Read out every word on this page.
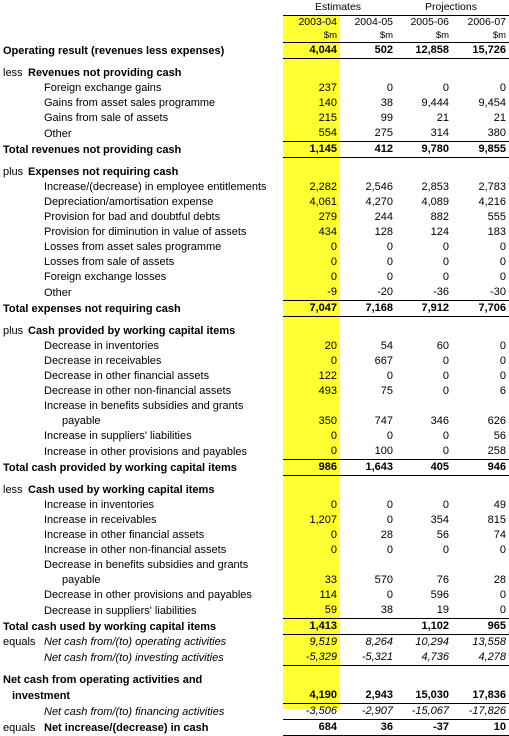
	Estimates		Projections	
	2003-04	2004-05	2005-06	2006-07
	$m	$m	$m	$m
Operating result (revenues less expenses)	4,044	502	12,858	15,726

less Revenues not providing cash				
Foreign exchange gains	237	0	0	0
Gains from asset sales programme	140	38	9,444	9,454
Gains from sale of assets	215	99	21	21
Other	554	275	314	380
Total revenues not providing cash	1,145	412	9,780	9,855

plus Expenses not requiring cash				
Increase/(decrease) in employee entitlements	2,282	2,546	2,853	2,783
Depreciation/amortisation expense	4,061	4,270	4,089	4,216
Provision for bad and doubtful debts	279	244	882	555
Provision for diminution in value of assets	434	128	124	183
Losses from asset sales programme	0	0	0	0
Losses from sale of assets	0	0	0	0
Foreign exchange losses	0	0	0	0
Other	-9	-20	-36	-30
Total expenses not requiring cash	7,047	7,168	7,912	7,706

plus Cash provided by working capital items				
Decrease in inventories	20	54	60	0
Decrease in receivables	0	667	0	0
Decrease in other financial assets	122	0	0	0
Decrease in other non-financial assets	493	75	0	6
Increase in benefits subsidies and grants				
payable	350	747	346	626
Increase in suppliers' liabilities	0	0	0	56
Increase in other provisions and payables	0	100	0	258
Total cash provided by working capital items	986	1,643	405	946

less Cash used by working capital items				
Increase in inventories	0	0	0	49
Increase in receivables	1,207	0	354	815
Increase in other financial assets	0	28	56	74
Increase in other non-financial assets	0	0	0	0
Decrease in benefits subsidies and grants				
payable	33	570	76	28
Decrease in other provisions and payables	114	0	596	0
Decrease in suppliers' liabilities	59	38	19	0
Total cash used by working capital items	1,413		1,102	965
equals Net cash from/(to) operating activities	9,519	8,264	10,294	13,558
Net cash from/(to) investing activities	-5,329	-5,321	4,736	4,278

Net cash from operating activities and				
investment	4,190	2,943	15,030	17,836
Net cash from/(to) financing activities	-3,506	-2,907	-15,067	-17,826
equals Net increase/(decrease) in cash	684	36	-37	10
